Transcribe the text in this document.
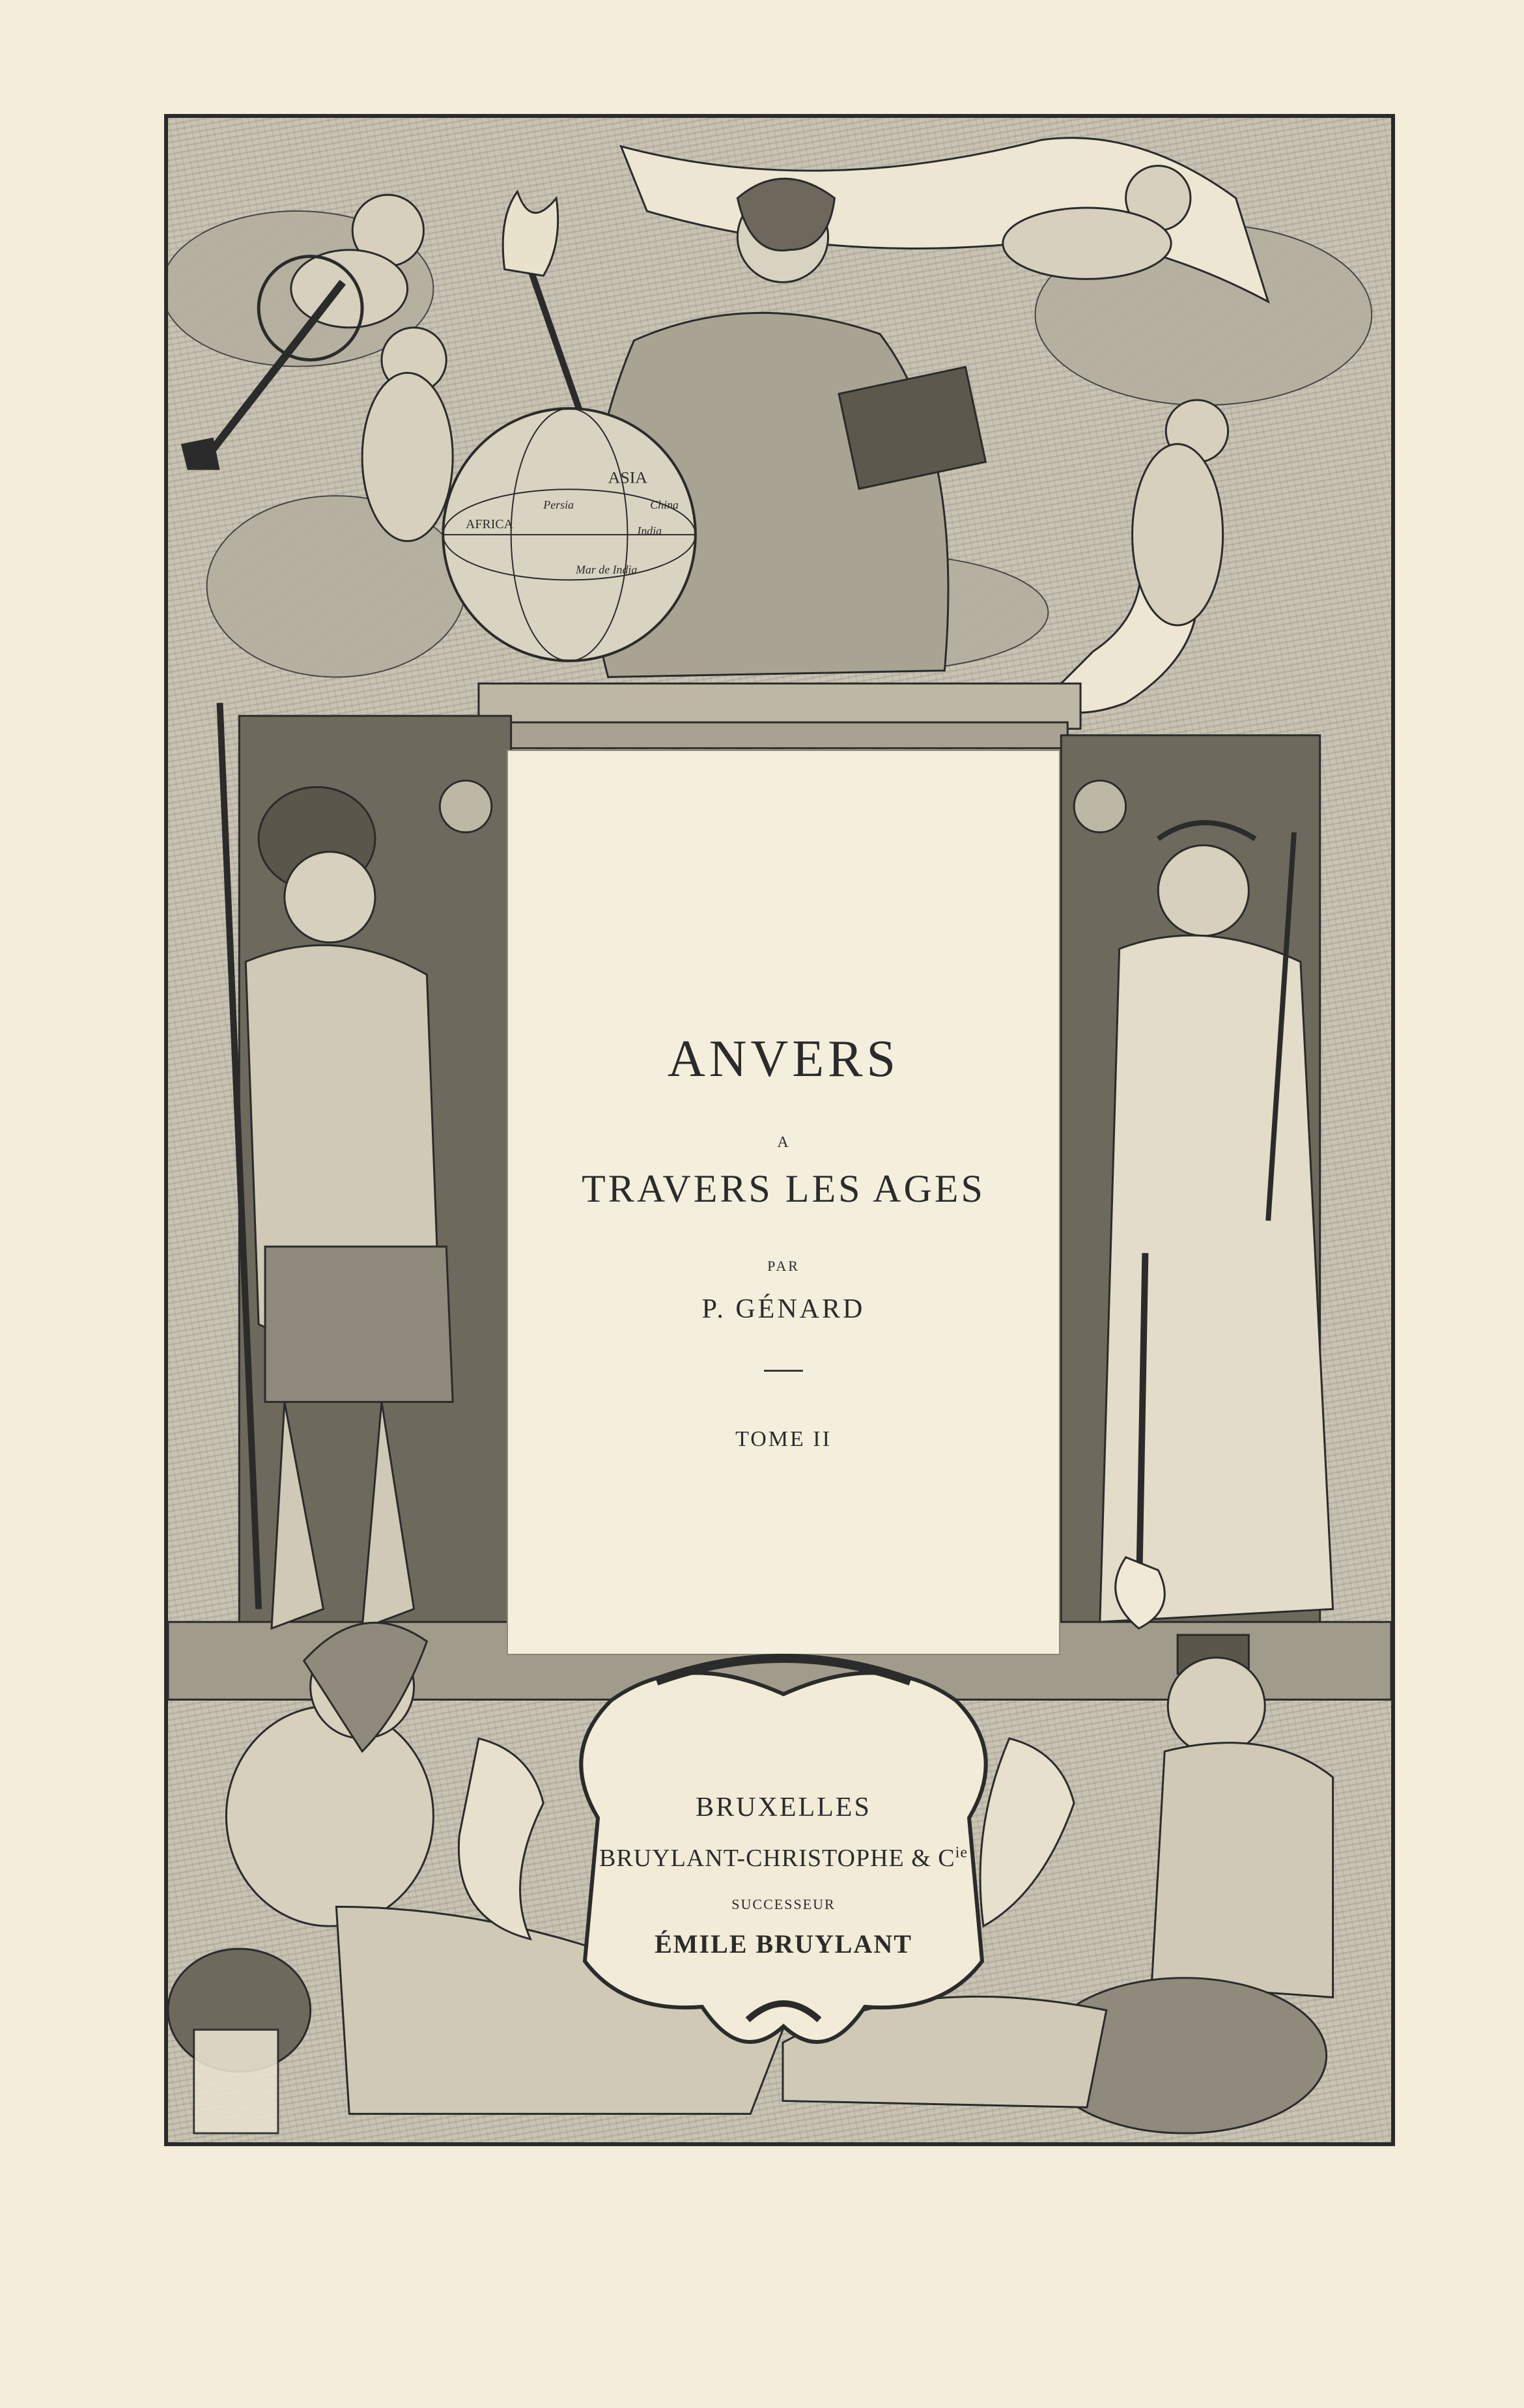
ASIA
Persia	China
India
AFRICA
Mar de India
ANVERS
A
TRAVERS LES AGES
PAR
P. GÉNARD
TOME II
BRUXELLES
BRUYLANT-CHRISTOPHE & $C^{ie}$
SUCCESSEUR
ÉMILE BRUYLANT
